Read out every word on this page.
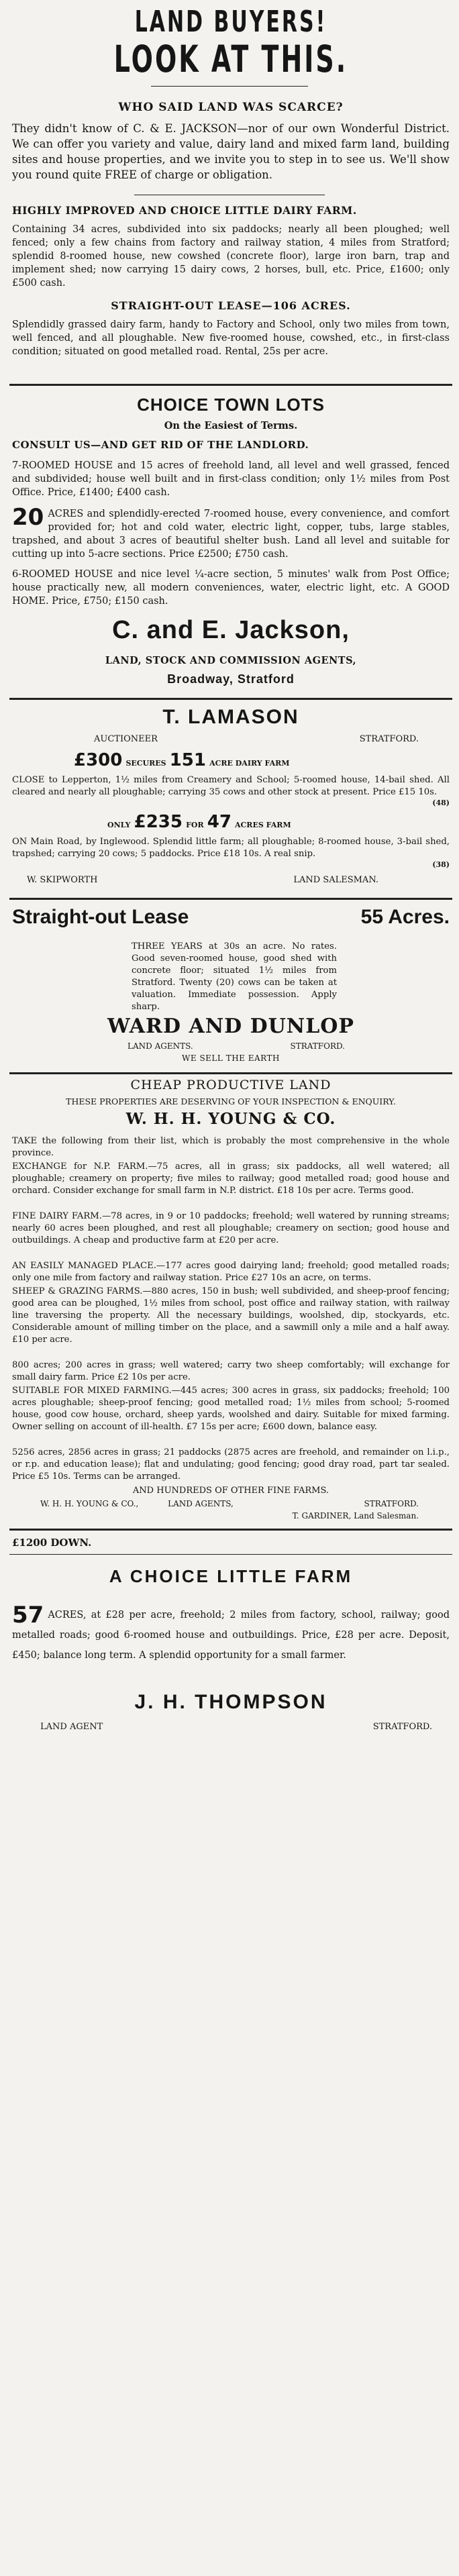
LAND BUYERS!
LOOK AT THIS.
WHO SAID LAND WAS SCARCE?
They didn't know of C. & E. JACKSON—nor of our own Wonderful District. We can offer you variety and value, dairy land and mixed farm land, building sites and house properties, and we invite you to step in to see us. We'll show you round quite FREE of charge or obligation.
HIGHLY IMPROVED AND CHOICE LITTLE DAIRY FARM.
Containing 34 acres, subdivided into six paddocks; nearly all been ploughed; well fenced; only a few chains from factory and railway station, 4 miles from Stratford; splendid 8-roomed house, new cowshed (concrete floor), large iron barn, trap and implement shed; now carrying 15 dairy cows, 2 horses, bull, etc. Price, £1600; only £500 cash.
STRAIGHT-OUT LEASE—106 ACRES.
Splendidly grassed dairy farm, handy to Factory and School, only two miles from town, well fenced, and all ploughable. New five-roomed house, cowshed, etc., in first-class condition; situated on good metalled road. Rental, 25s per acre.
CHOICE TOWN LOTS
On the Easiest of Terms.
CONSULT US—AND GET RID OF THE LANDLORD.
7-ROOMED HOUSE and 15 acres of freehold land, all level and well grassed, fenced and subdivided; house well built and in first-class condition; only 1½ miles from Post Office. Price, £1400; £400 cash.
20 ACRES and splendidly-erected 7-roomed house, every convenience, and comfort provided for; hot and cold water, electric light, copper, tubs, large stables, trapshed, and about 3 acres of beautiful shelter bush. Land all level and suitable for cutting up into 5-acre sections. Price £2500; £750 cash.
6-ROOMED HOUSE and nice level ¼-acre section, 5 minutes' walk from Post Office; house practically new, all modern conveniences, water, electric light, etc. A GOOD HOME. Price, £750; £150 cash.
C. and E. Jackson,
LAND, STOCK AND COMMISSION AGENTS,
Broadway, Stratford
T. LAMASON
AUCTIONEER	STRATFORD.
£300 SECURES 151 ACRE DAIRY FARM
CLOSE to Lepperton, 1½ miles from Creamery and School; 5-roomed house, 14-bail shed. All cleared and nearly all ploughable; carrying 35 cows and other stock at present. Price £15 10s.
(48)
ONLY £235 FOR 47 ACRES FARM
ON Main Road, by Inglewood. Splendid little farm; all ploughable; 8-roomed house, 3-bail shed, trapshed; carrying 20 cows; 5 paddocks. Price £18 10s. A real snip.
(38)
W. SKIPWORTH	LAND SALESMAN.
Straight-out Lease	55 Acres.
THREE YEARS at 30s an acre. No rates. Good seven-roomed house, good shed with concrete floor; situated 1½ miles from Stratford. Twenty (20) cows can be taken at valuation. Immediate possession. Apply sharp.
WARD AND DUNLOP
LAND AGENTS.	STRATFORD.
WE SELL THE EARTH
CHEAP PRODUCTIVE LAND
THESE PROPERTIES ARE DESERVING OF YOUR INSPECTION & ENQUIRY.
W. H. H. YOUNG & CO.
TAKE the following from their list, which is probably the most comprehensive in the whole province.
EXCHANGE for N.P. FARM.—75 acres, all in grass; six paddocks, all well watered; all ploughable; creamery on property; five miles to railway; good metalled road; good house and orchard. Consider exchange for small farm in N.P. district. £18 10s per acre. Terms good.
FINE DAIRY FARM.—78 acres, in 9 or 10 paddocks; freehold; well watered by running streams; nearly 60 acres been ploughed, and rest all ploughable; creamery on section; good house and outbuildings. A cheap and productive farm at £20 per acre.
AN EASILY MANAGED PLACE.—177 acres good dairying land; freehold; good metalled roads; only one mile from factory and railway station. Price £27 10s an acre, on terms.
SHEEP & GRAZING FARMS.—880 acres, 150 in bush; well subdivided, and sheep-proof fencing; good area can be ploughed, 1½ miles from school, post office and railway station, with railway line traversing the property. All the necessary buildings, woolshed, dip, stockyards, etc. Considerable amount of milling timber on the place, and a sawmill only a mile and a half away. £10 per acre.
800 acres; 200 acres in grass; well watered; carry two sheep comfortably; will exchange for small dairy farm. Price £2 10s per acre.
SUITABLE FOR MIXED FARMING.—445 acres; 300 acres in grass, six paddocks; freehold; 100 acres ploughable; sheep-proof fencing; good metalled road; 1½ miles from school; 5-roomed house, good cow house, orchard, sheep yards, woolshed and dairy. Suitable for mixed farming. Owner selling on account of ill-health. £7 15s per acre; £600 down, balance easy.
5256 acres, 2856 acres in grass; 21 paddocks (2875 acres are freehold, and remainder on l.i.p., or r.p. and education lease); flat and undulating; good fencing; good dray road, part tar sealed. Price £5 10s. Terms can be arranged.
AND HUNDREDS OF OTHER FINE FARMS.
W. H. H. YOUNG & CO.,	LAND AGENTS,	STRATFORD.
T. GARDINER, Land Salesman.
£1200 DOWN.
A CHOICE LITTLE FARM
57 ACRES, at £28 per acre, freehold; 2 miles from factory, school, railway; good metalled roads; good 6-roomed house and outbuildings. Price, £28 per acre. Deposit, £450; balance long term. A splendid opportunity for a small farmer.
J. H. THOMPSON
LAND AGENT	STRATFORD.
